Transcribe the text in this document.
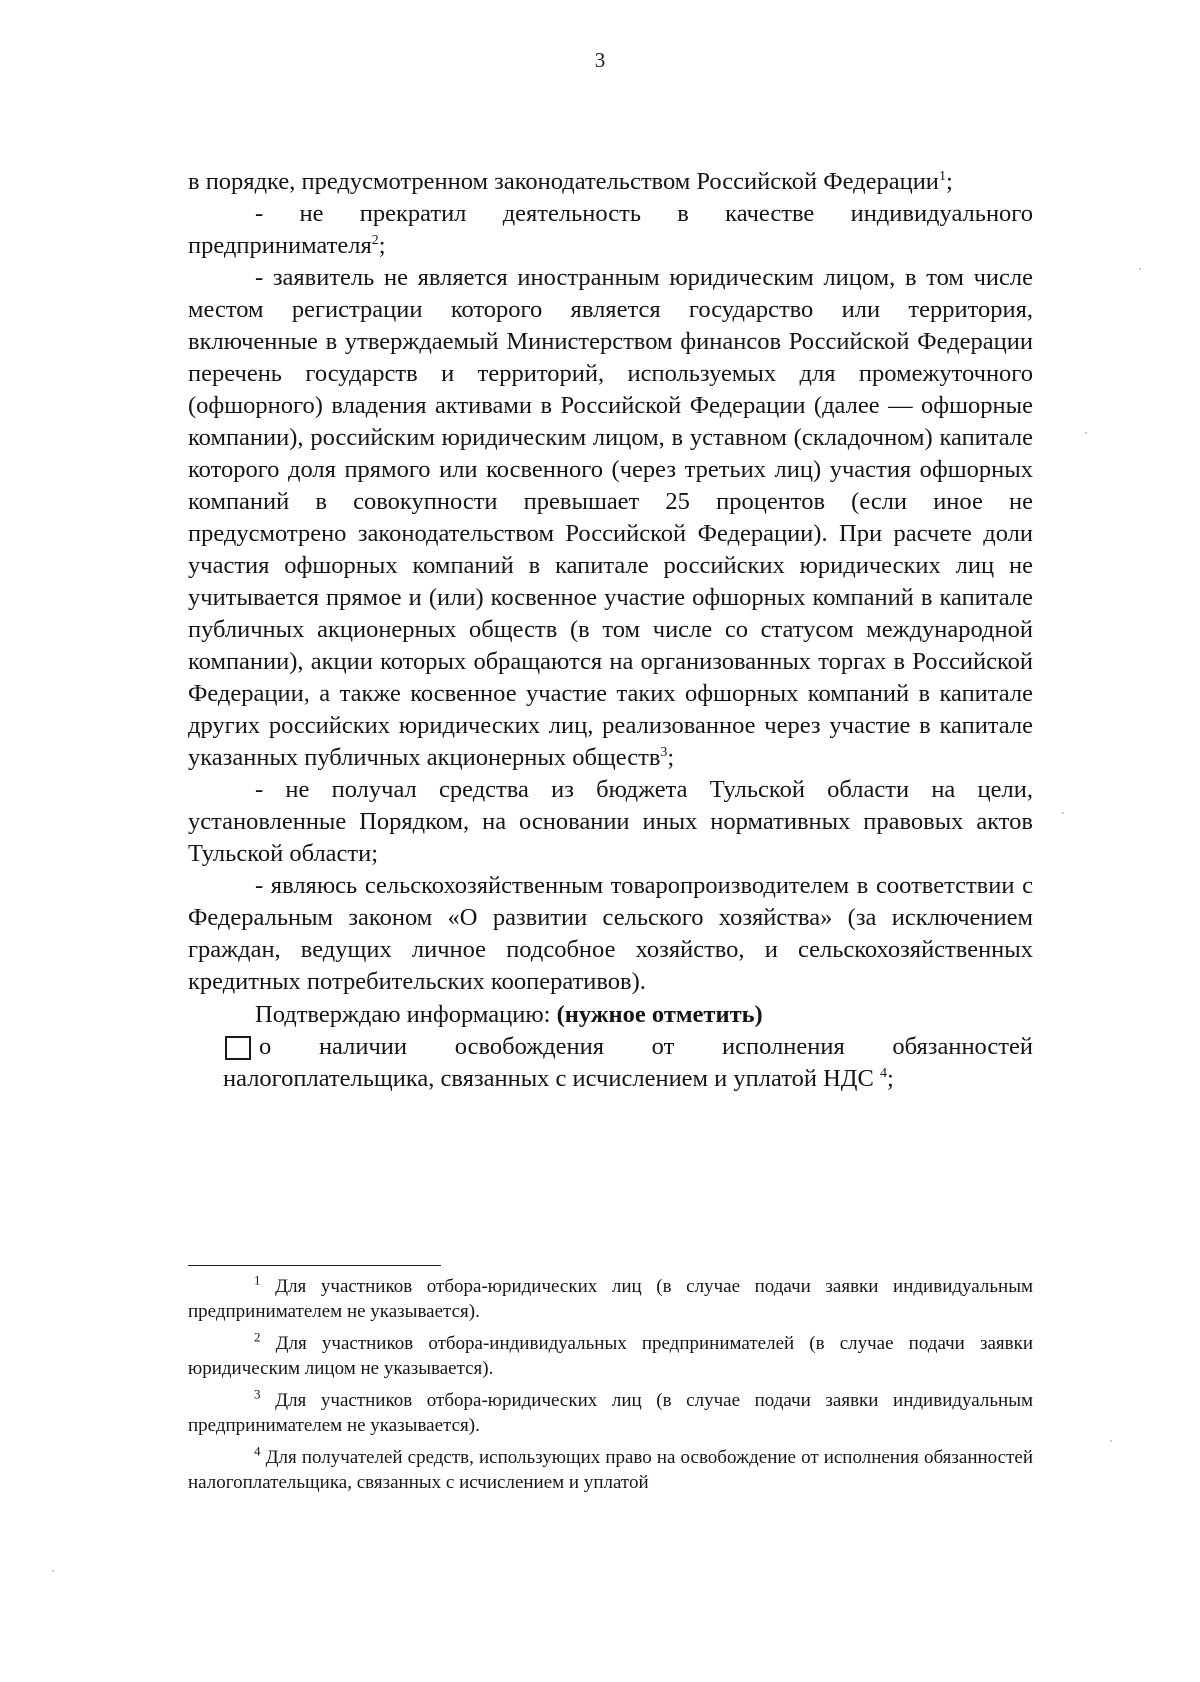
3

в порядке, предусмотренном законодательством Российской Федерации$^1$;

- не прекратил деятельность в качестве индивидуального предпринимателя$^2$;

- заявитель не является иностранным юридическим лицом, в том числе местом регистрации которого является государство или территория, включенные в утверждаемый Министерством финансов Российской Федерации перечень государств и территорий, используемых для промежуточного (офшорного) владения активами в Российской Федерации (далее — офшорные компании), российским юридическим лицом, в уставном (складочном) капитале которого доля прямого или косвенного (через третьих лиц) участия офшорных компаний в совокупности превышает 25 процентов (если иное не предусмотрено законодательством Российской Федерации). При расчете доли участия офшорных компаний в капитале российских юридических лиц не учитывается прямое и (или) косвенное участие офшорных компаний в капитале публичных акционерных обществ (в том числе со статусом международной компании), акции которых обращаются на организованных торгах в Российской Федерации, а также косвенное участие таких офшорных компаний в капитале других российских юридических лиц, реализованное через участие в капитале указанных публичных акционерных обществ$^3$;

- не получал средства из бюджета Тульской области на цели, установленные Порядком, на основании иных нормативных правовых актов Тульской области;

- являюсь сельскохозяйственным товаропроизводителем в соответствии с Федеральным законом «О развитии сельского хозяйства» (за исключением граждан, ведущих личное подсобное хозяйство, и сельскохозяйственных кредитных потребительских кооперативов).

Подтверждаю информацию: (нужное отметить)

о наличии освобождения от исполнения обязанностей налогоплательщика, связанных с исчислением и уплатой НДС $^4$;

$^1$ Для участников отбора-юридических лиц (в случае подачи заявки индивидуальным предпринимателем не указывается).

$^2$ Для участников отбора-индивидуальных предпринимателей (в случае подачи заявки юридическим лицом не указывается).

$^3$ Для участников отбора-юридических лиц (в случае подачи заявки индивидуальным предпринимателем не указывается).

$^4$ Для получателей средств, использующих право на освобождение от исполнения обязанностей налогоплательщика, связанных с исчислением и уплатой
